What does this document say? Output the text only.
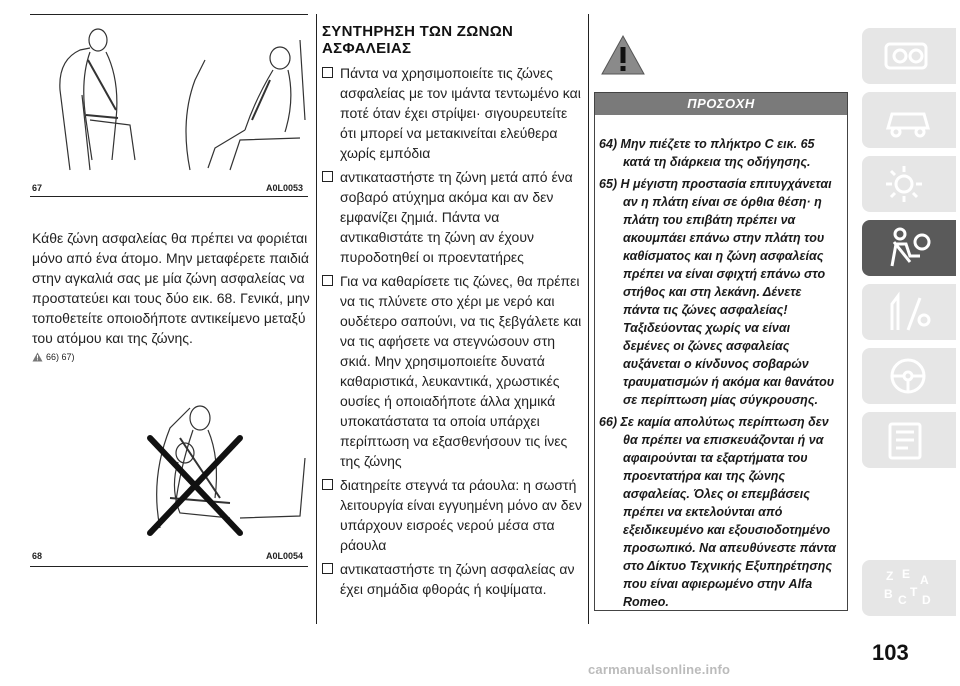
67	A0L0053
Κάθε ζώνη ασφαλείας θα πρέπει να φοριέται μόνο από ένα άτομο. Μην μεταφέρετε παιδιά στην αγκαλιά σας με μία ζώνη ασφαλείας να προστατεύει και τους δύο εικ. 68. Γενικά, μην τοποθετείτε οποιοδήποτε αντικείμενο μεταξύ του ατόμου και της ζώνης.
66) 67)
68	A0L0054
ΣΥΝΤΗΡΗΣΗ ΤΩΝ ΖΩΝΩΝ
ΑΣΦΑΛΕΙΑΣ
Πάντα να χρησιμοποιείτε τις ζώνες ασφαλείας με τον ιμάντα τεντωμένο και ποτέ όταν έχει στρίψει· σιγουρευτείτε ότι μπορεί να μετακινείται ελεύθερα χωρίς εμπόδια
αντικαταστήστε τη ζώνη μετά από ένα σοβαρό ατύχημα ακόμα και αν δεν εμφανίζει ζημιά. Πάντα να αντικαθιστάτε τη ζώνη αν έχουν πυροδοτηθεί οι προεντατήρες
Για να καθαρίσετε τις ζώνες, θα πρέπει να τις πλύνετε στο χέρι με νερό και ουδέτερο σαπούνι, να τις ξεβγάλετε και να τις αφήσετε να στεγνώσουν στη σκιά. Μην χρησιμοποιείτε δυνατά καθαριστικά, λευκαντικά, χρωστικές ουσίες ή οποιαδήποτε άλλα χημικά υποκατάστατα τα οποία υπάρχει περίπτωση να εξασθενήσουν τις ίνες της ζώνης
διατηρείτε στεγνά τα ράουλα: η σωστή λειτουργία είναι εγγυημένη μόνο αν δεν υπάρχουν εισροές νερού μέσα στα ράουλα
αντικαταστήστε τη ζώνη ασφαλείας αν έχει σημάδια φθοράς ή κοψίματα.
ΠΡΟΣΟΧΗ

64) Μην πιέζετε το πλήκτρο C εικ. 65 κατά τη διάρκεια της οδήγησης.

65) Η μέγιστη προστασία επιτυγχάνεται αν η πλάτη είναι σε όρθια θέση· η πλάτη του επιβάτη πρέπει να ακουμπάει επάνω στην πλάτη του καθίσματος και η ζώνη ασφαλείας πρέπει να είναι σφιχτή επάνω στο στήθος και στη λεκάνη. Δένετε πάντα τις ζώνες ασφαλείας! Ταξιδεύοντας χωρίς να είναι δεμένες οι ζώνες ασφαλείας αυξάνεται ο κίνδυνος σοβαρών τραυματισμών ή ακόμα και θανάτου σε περίπτωση μίας σύγκρουσης.

66) Σε καμία απολύτως περίπτωση δεν θα πρέπει να επισκευάζονται ή να αφαιρούνται τα εξαρτήματα του προεντατήρα και της ζώνης ασφαλείας. Όλες οι επεμβάσεις πρέπει να εκτελούνται από εξειδικευμένο και εξουσιοδοτημένο προσωπικό. Να απευθύνεστε πάντα στο Δίκτυο Τεχνικής Εξυπηρέτησης που είναι αφιερωμένο στην Alfa Romeo.

Z E A
B C
T
D
103
carmanualsonline.info
